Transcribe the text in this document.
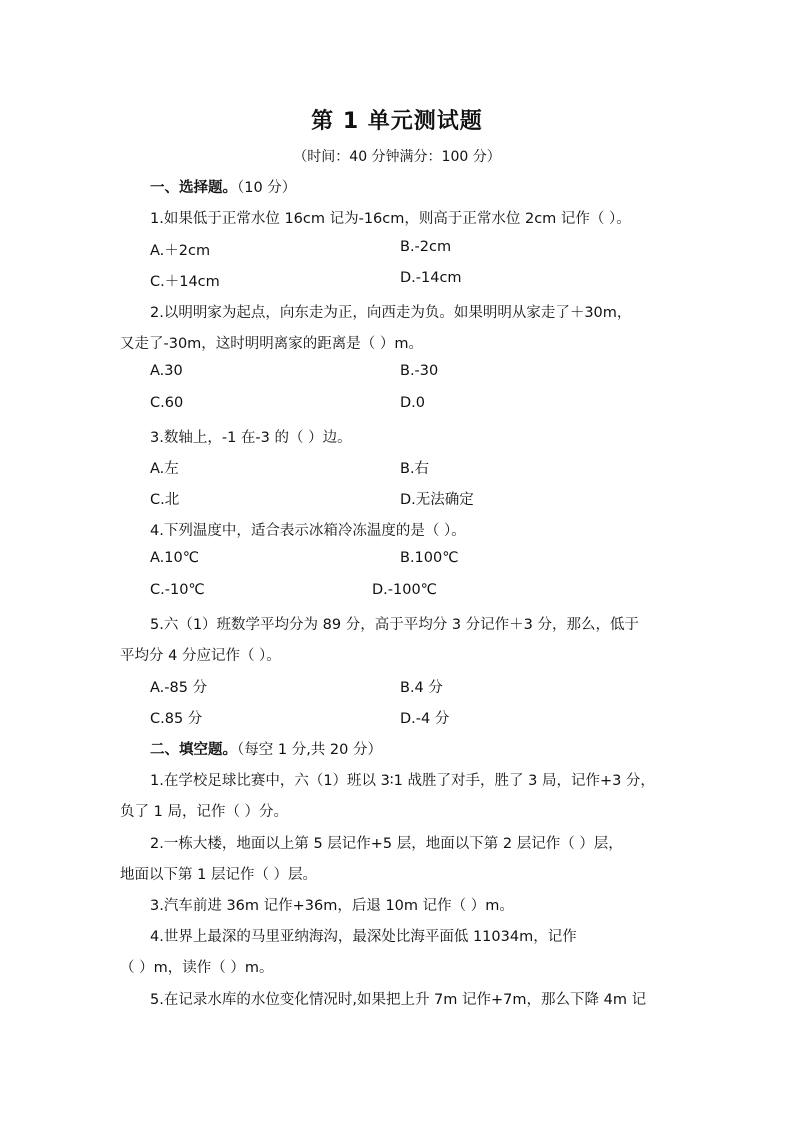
第 1 单元测试题
（时间：40 分钟满分：100 分）
一、选择题。（10 分）
1.如果低于正常水位 16cm 记为-16cm，则高于正常水位 2cm 记作（ ）。
A.＋2cm	B.-2cm
C.＋14cm	D.-14cm
2.以明明家为起点，向东走为正，向西走为负。如果明明从家走了＋30m，
又走了-30m，这时明明离家的距离是（ ）m。
A.30	B.-30
C.60	D.0
3.数轴上，-1 在-3 的（ ）边。
A.左	B.右
C.北	D.无法确定
4.下列温度中，适合表示冰箱冷冻温度的是（ ）。
A.10℃	B.100℃
C.-10℃	D.-100℃
5.六（1）班数学平均分为 89 分，高于平均分 3 分记作＋3 分，那么，低于
平均分 4 分应记作（ ）。
A.-85 分	B.4 分
C.85 分	D.-4 分
二、填空题。（每空 1 分,共 20 分）
1.在学校足球比赛中，六（1）班以 3∶1 战胜了对手，胜了 3 局，记作+3 分，
负了 1 局，记作（ ）分。
2.一栋大楼，地面以上第 5 层记作+5 层，地面以下第 2 层记作（ ）层，
地面以下第 1 层记作（ ）层。
3.汽车前进 36m 记作+36m，后退 10m 记作（ ）m。
4.世界上最深的马里亚纳海沟，最深处比海平面低 11034m，记作
（ ）m，读作（ ）m。
5.在记录水库的水位变化情况时,如果把上升 7m 记作+7m，那么下降 4m 记
